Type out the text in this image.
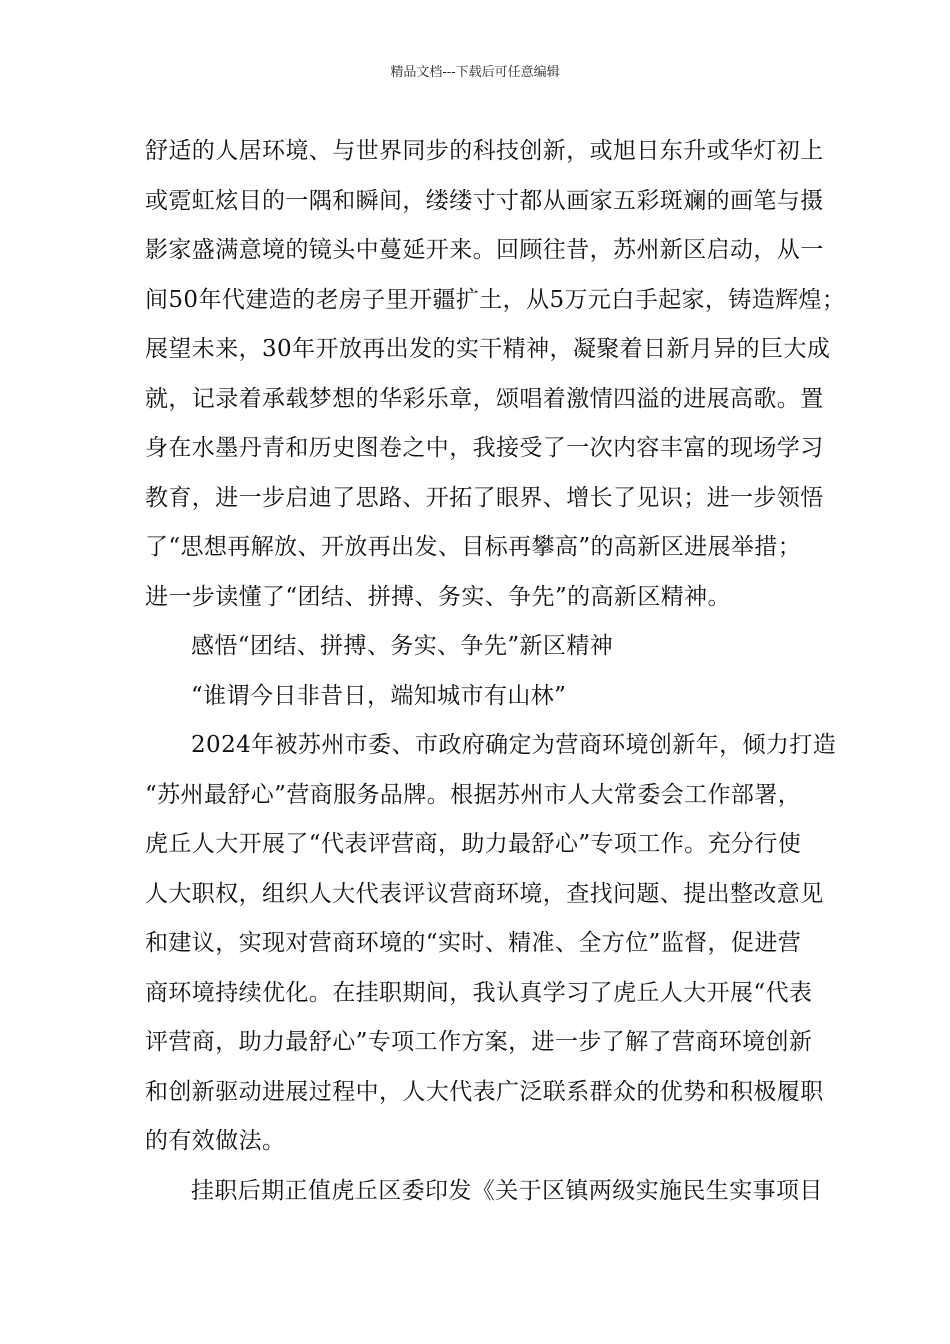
精品文档---下载后可任意编辑
舒适的人居环境、与世界同步的科技创新，或旭日东升或华灯初上
或霓虹炫目的一隅和瞬间，缕缕寸寸都从画家五彩斑斓的画笔与摄
影家盛满意境的镜头中蔓延开来。回顾往昔，苏州新区启动，从一
间50年代建造的老房子里开疆扩土，从5万元白手起家，铸造辉煌；
展望未来，30年开放再出发的实干精神，凝聚着日新月异的巨大成
就，记录着承载梦想的华彩乐章，颂唱着激情四溢的进展高歌。置
身在水墨丹青和历史图卷之中，我接受了一次内容丰富的现场学习
教育，进一步启迪了思路、开拓了眼界、增长了见识；进一步领悟
了“思想再解放、开放再出发、目标再攀高”的高新区进展举措；
进一步读懂了“团结、拼搏、务实、争先”的高新区精神。
感悟“团结、拼搏、务实、争先”新区精神
“谁谓今日非昔日，端知城市有山林”
2024年被苏州市委、市政府确定为营商环境创新年，倾力打造
“苏州最舒心”营商服务品牌。根据苏州市人大常委会工作部署，
虎丘人大开展了“代表评营商，助力最舒心”专项工作。充分行使
人大职权，组织人大代表评议营商环境，查找问题、提出整改意见
和建议，实现对营商环境的“实时、精准、全方位”监督，促进营
商环境持续优化。在挂职期间，我认真学习了虎丘人大开展“代表
评营商，助力最舒心”专项工作方案，进一步了解了营商环境创新
和创新驱动进展过程中，人大代表广泛联系群众的优势和积极履职
的有效做法。
挂职后期正值虎丘区委印发《关于区镇两级实施民生实事项目
